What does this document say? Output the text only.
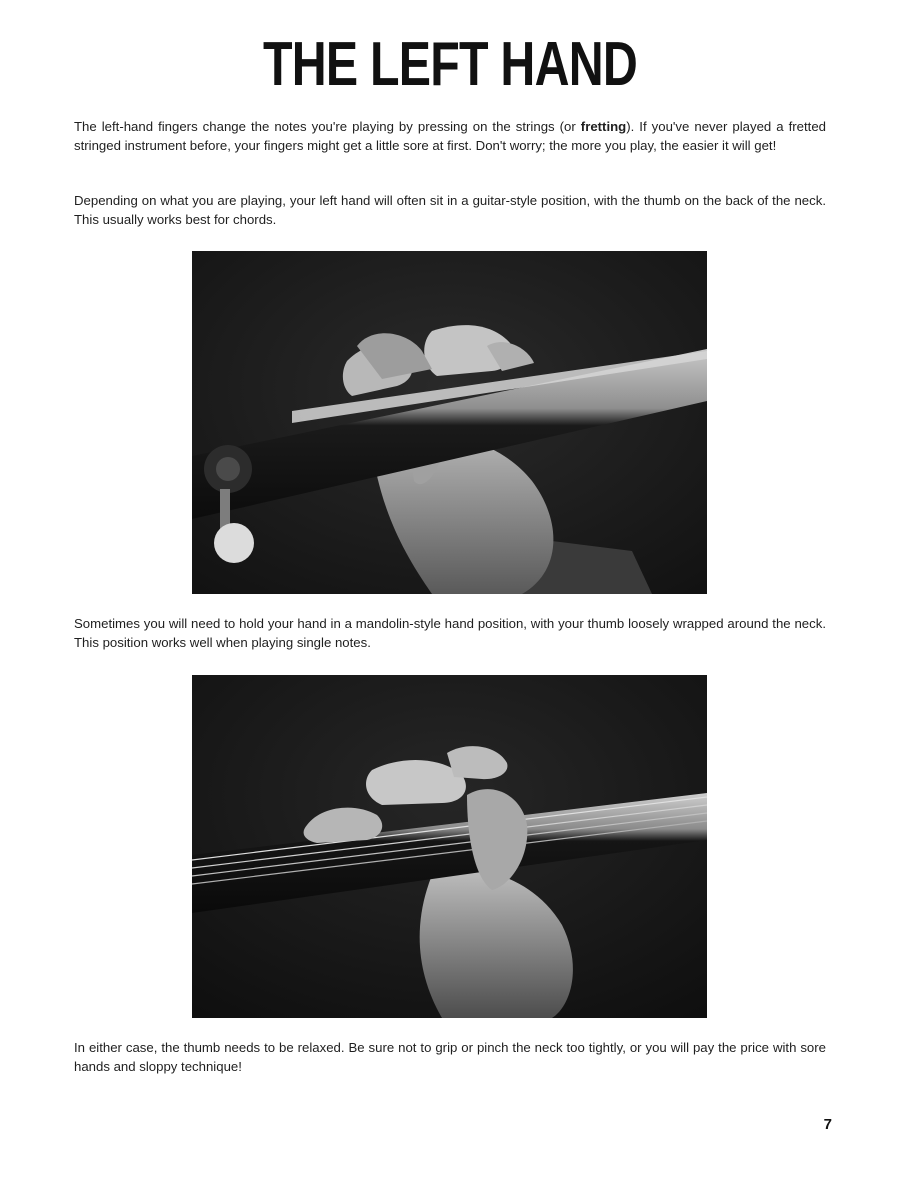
THE LEFT HAND
The left-hand fingers change the notes you're playing by pressing on the strings (or fretting). If you've never played a fretted stringed instrument before, your fingers might get a little sore at first. Don't worry; the more you play, the easier it will get!
Depending on what you are playing, your left hand will often sit in a guitar-style position, with the thumb on the back of the neck. This usually works best for chords.
Sometimes you will need to hold your hand in a mandolin-style hand position, with your thumb loosely wrapped around the neck. This position works well when playing single notes.
In either case, the thumb needs to be relaxed. Be sure not to grip or pinch the neck too tightly, or you will pay the price with sore hands and sloppy technique!
7
